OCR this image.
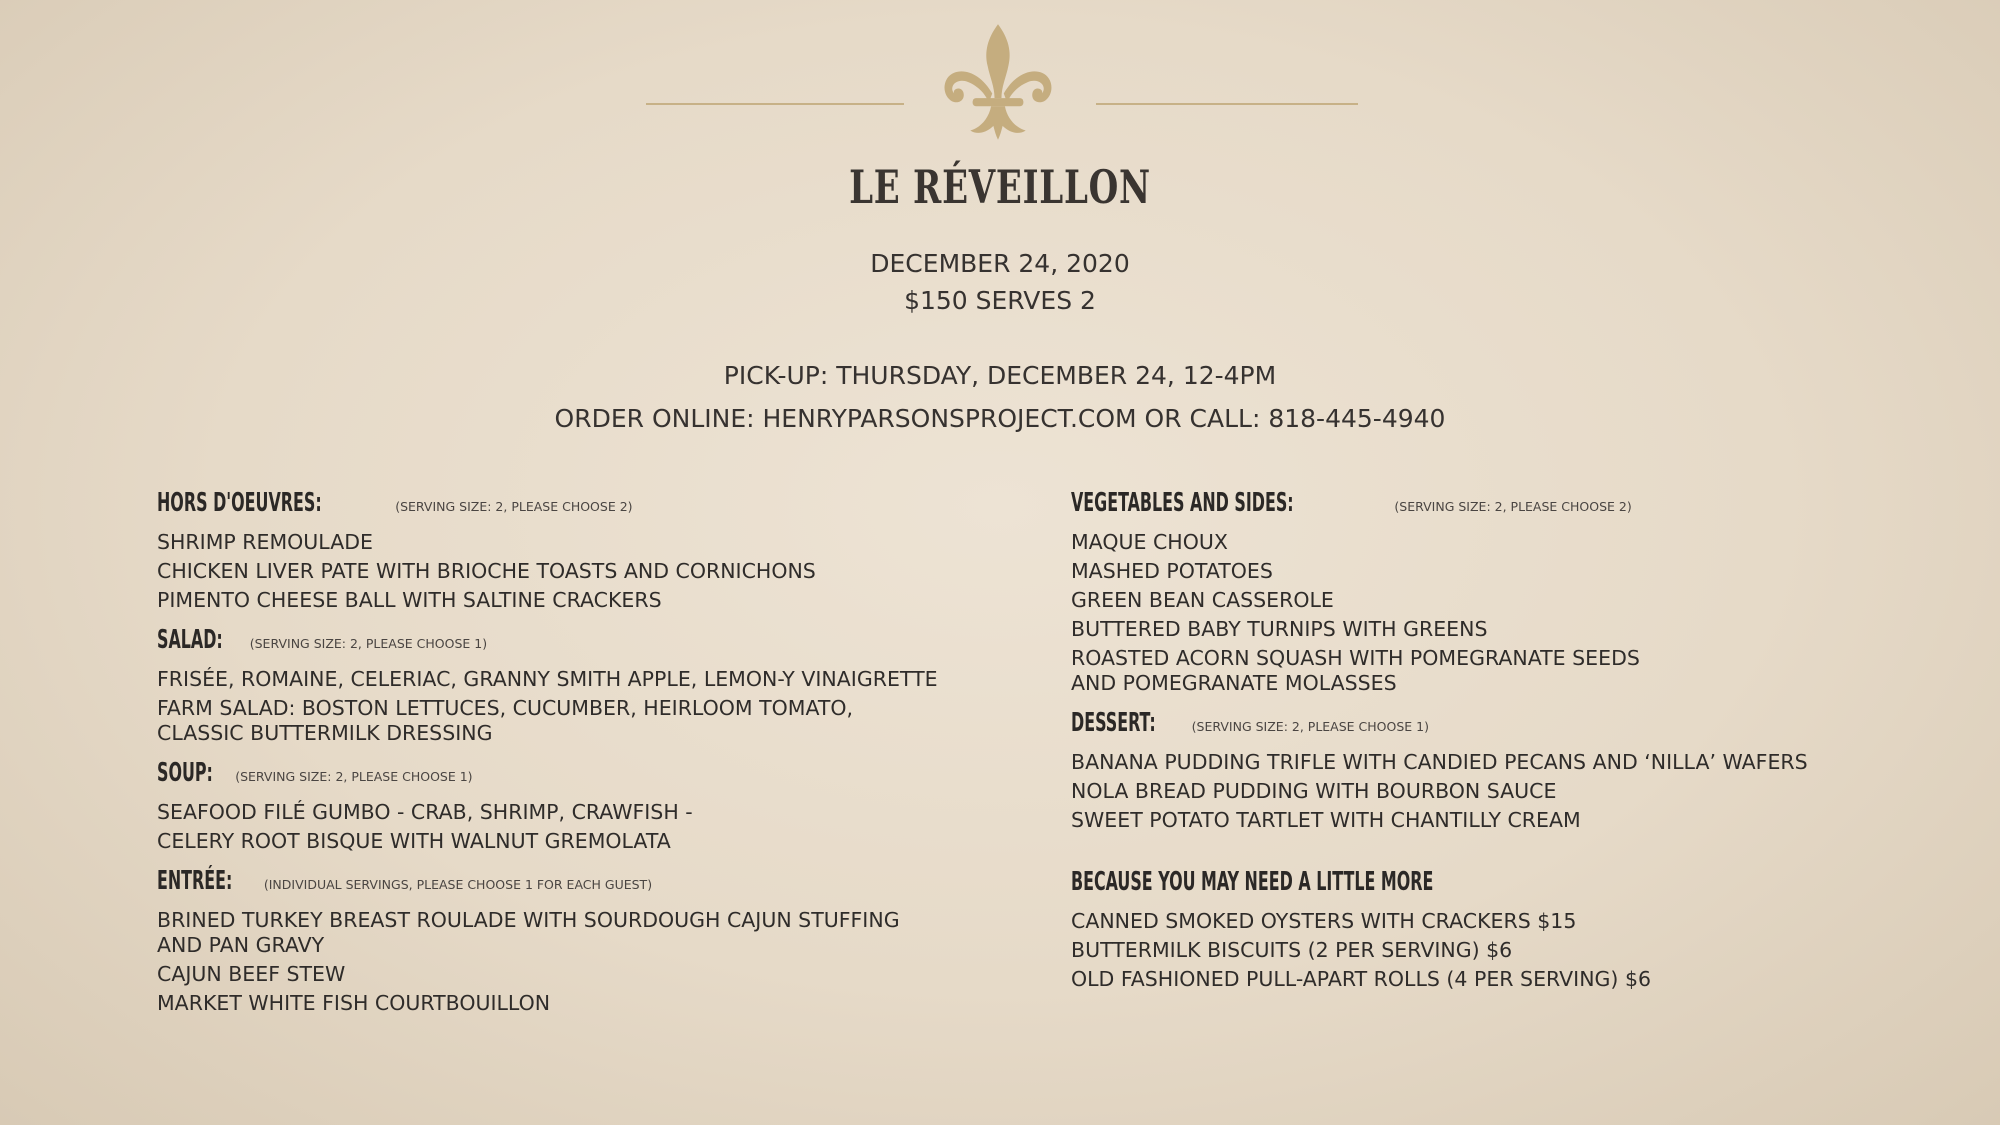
LE RÉVEILLON
DECEMBER 24, 2020
$150 SERVES 2
PICK-UP: THURSDAY, DECEMBER 24, 12-4PM
ORDER ONLINE: HENRYPARSONSPROJECT.COM OR CALL: 818-445-4940
HORS D'OEUVRES:	(SERVING SIZE: 2, PLEASE CHOOSE 2)
SHRIMP REMOULADE
CHICKEN LIVER PATE WITH BRIOCHE TOASTS AND CORNICHONS
PIMENTO CHEESE BALL WITH SALTINE CRACKERS
SALAD: (SERVING SIZE: 2, PLEASE CHOOSE 1)
FRISÉE, ROMAINE, CELERIAC, GRANNY SMITH APPLE, LEMON-Y VINAIGRETTE
FARM SALAD: BOSTON LETTUCES, CUCUMBER, HEIRLOOM TOMATO,
CLASSIC BUTTERMILK DRESSING
SOUP: (SERVING SIZE: 2, PLEASE CHOOSE 1)
SEAFOOD FILÉ GUMBO - CRAB, SHRIMP, CRAWFISH -
CELERY ROOT BISQUE WITH WALNUT GREMOLATA
ENTRÉE:	(INDIVIDUAL SERVINGS, PLEASE CHOOSE 1 FOR EACH GUEST)
BRINED TURKEY BREAST ROULADE WITH SOURDOUGH CAJUN STUFFING
AND PAN GRAVY
CAJUN BEEF STEW
MARKET WHITE FISH COURTBOUILLON
VEGETABLES AND SIDES:	(SERVING SIZE: 2, PLEASE CHOOSE 2)
MAQUE CHOUX
MASHED POTATOES
GREEN BEAN CASSEROLE
BUTTERED BABY TURNIPS WITH GREENS
ROASTED ACORN SQUASH WITH POMEGRANATE SEEDS
AND POMEGRANATE MOLASSES
DESSERT:	(SERVING SIZE: 2, PLEASE CHOOSE 1)
BANANA PUDDING TRIFLE WITH CANDIED PECANS AND ‘NILLA’ WAFERS
NOLA BREAD PUDDING WITH BOURBON SAUCE
SWEET POTATO TARTLET WITH CHANTILLY CREAM
BECAUSE YOU MAY NEED A LITTLE MORE
CANNED SMOKED OYSTERS WITH CRACKERS $15
BUTTERMILK BISCUITS (2 PER SERVING) $6
OLD FASHIONED PULL-APART ROLLS (4 PER SERVING) $6
